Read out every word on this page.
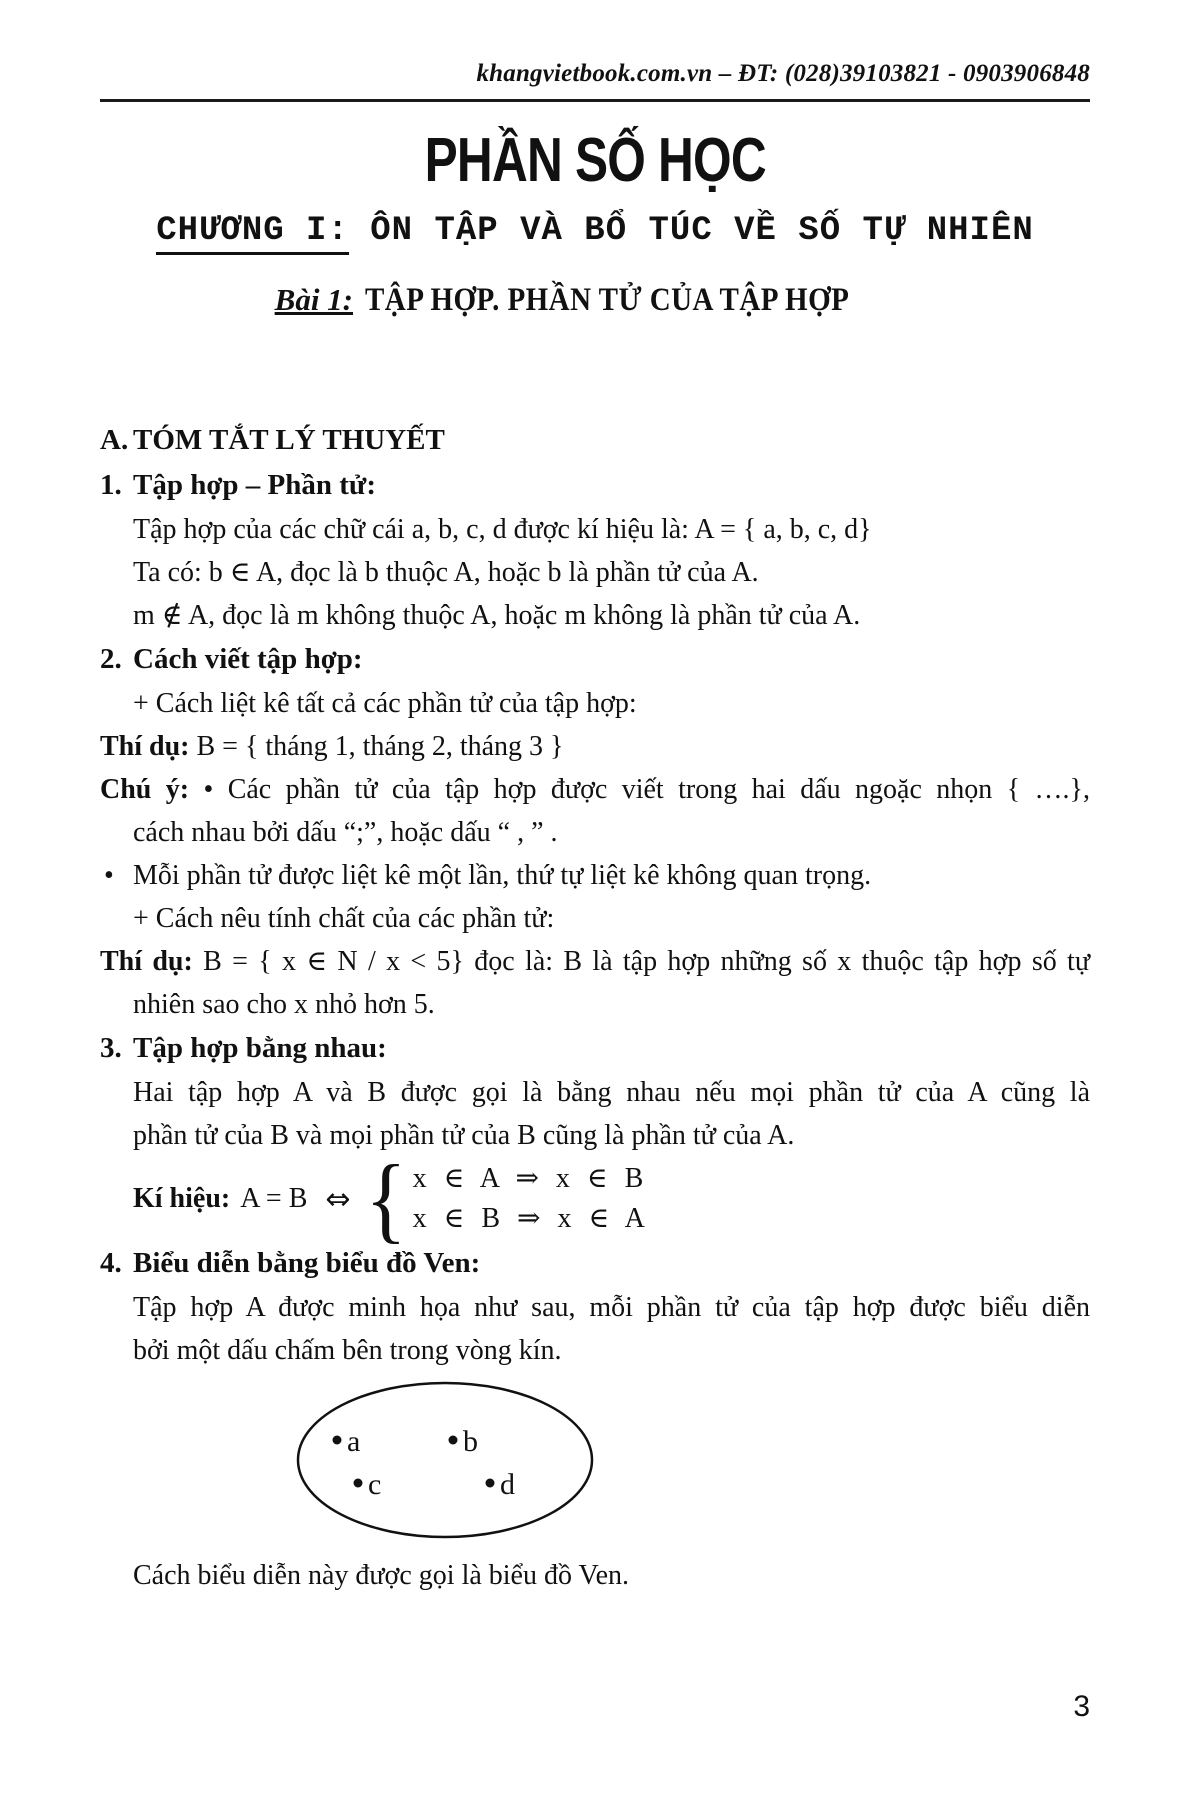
khangvietbook.com.vn – ĐT: (028)39103821 - 0903906848
PHẦN SỐ HỌC
CHƯƠNG I: ÔN TẬP VÀ BỔ TÚC VỀ SỐ TỰ NHIÊN
Bài 1: TẬP HỢP. PHẦN TỬ CỦA TẬP HỢP
A. TÓM TẮT LÝ THUYẾT
1. Tập hợp – Phần tử:
Tập hợp của các chữ cái a, b, c, d được kí hiệu là: A = { a, b, c, d}
Ta có: b ∈ A, đọc là b thuộc A, hoặc b là phần tử của A.
m ∉ A, đọc là m không thuộc A, hoặc m không là phần tử của A.
2. Cách viết tập hợp:
+ Cách liệt kê tất cả các phần tử của tập hợp:
Thí dụ: B = { tháng 1, tháng 2, tháng 3 }
Chú ý: • Các phần tử của tập hợp được viết trong hai dấu ngoặc nhọn { ….},
cách nhau bởi dấu “;”, hoặc dấu “ , ” .
• Mỗi phần tử được liệt kê một lần, thứ tự liệt kê không quan trọng.
+ Cách nêu tính chất của các phần tử:
Thí dụ: B = { x ∈ N / x < 5} đọc là: B là tập hợp những số x thuộc tập hợp số tự
nhiên sao cho x nhỏ hơn 5.
3. Tập hợp bằng nhau:
Hai tập hợp A và B được gọi là bằng nhau nếu mọi phần tử của A cũng là
phần tử của B và mọi phần tử của B cũng là phần tử của A.
Kí hiệu: A = B ⇔ { x ∈ A ⇒ x ∈ B
x ∈ B ⇒ x ∈ A
4. Biểu diễn bằng biểu đồ Ven:
Tập hợp A được minh họa như sau, mỗi phần tử của tập hợp được biểu diễn
bởi một dấu chấm bên trong vòng kín.
a	b
c	d
Cách biểu diễn này được gọi là biểu đồ Ven.
3
